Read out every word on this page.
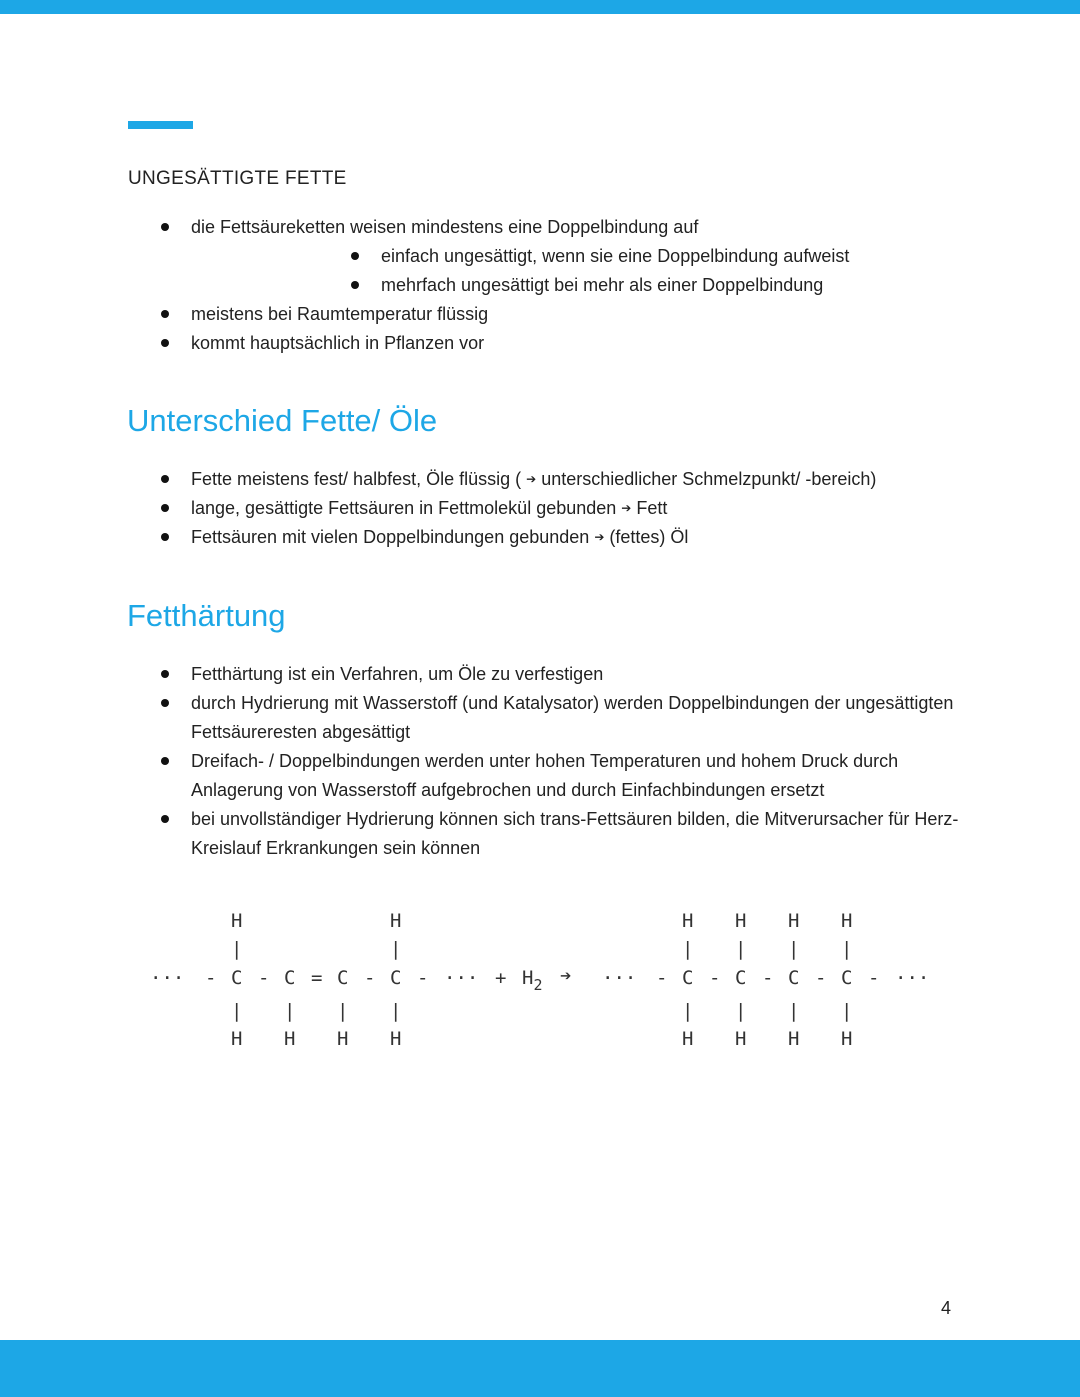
UNGESÄTTIGTE FETTE
die Fettsäureketten weisen mindestens eine Doppelbindung auf
einfach ungesättigt, wenn sie eine Doppelbindung aufweist
mehrfach ungesättigt bei mehr als einer Doppelbindung
meistens bei Raumtemperatur flüssig
kommt hauptsächlich in Pflanzen vor
Unterschied Fette/ Öle
Fette meistens fest/ halbfest, Öle flüssig ( ➔ unterschiedlicher Schmelzpunkt/ -bereich)
lange, gesättigte Fettsäuren in Fettmolekül gebunden ➔ Fett
Fettsäuren mit vielen Doppelbindungen gebunden ➔ (fettes) Öl
Fetthärtung
Fetthärtung ist ein Verfahren, um Öle zu verfestigen
durch Hydrierung mit Wasserstoff (und Katalysator) werden Doppelbindungen der ungesättigten Fettsäureresten abgesättigt
Dreifach- / Doppelbindungen werden unter hohen Temperaturen und hohem Druck durch Anlagerung von Wasserstoff aufgebrochen und durch Einfachbindungen ersetzt
bei unvollständiger Hydrierung können sich trans-Fettsäuren bilden, die Mitverursacher für Herz-Kreislauf Erkrankungen sein können
··· - C - C = C - C - ···
H
|
H
|
|
H
|
H
|
H
|
H
+ $H_2$ ➔ ··· - C - C - C - C - ···
H
|
H
|
H
|
H
|
|
H
|
H
|
H
|
H
4
